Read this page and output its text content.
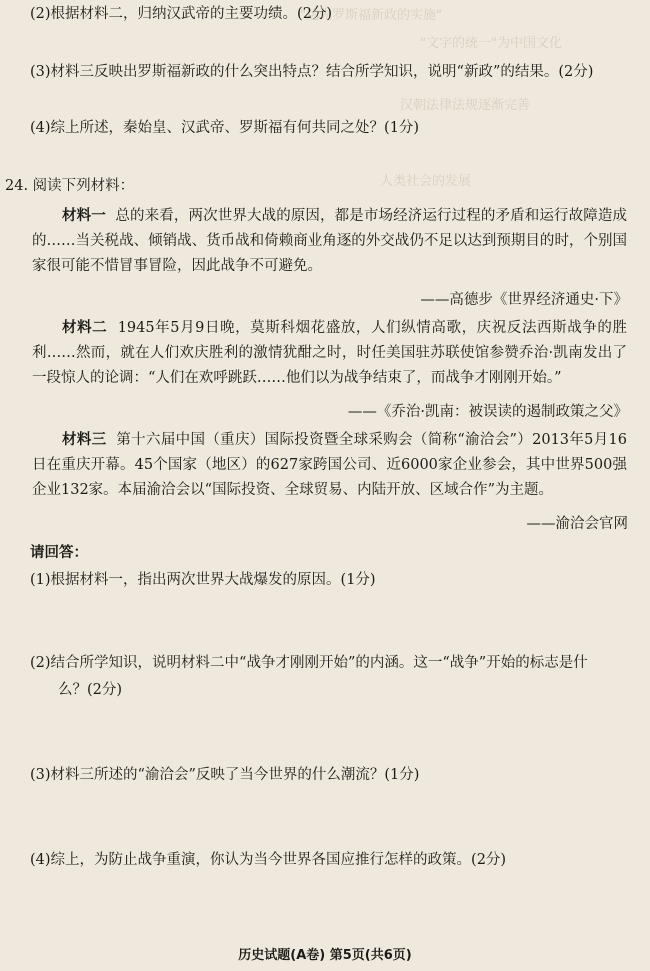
"达先罗斯福新政的实施"
"文字的统一"为中国文化
汉朝法律法规逐渐完善
人类社会的发展
(2)根据材料二，归纳汉武帝的主要功绩。(2分)
(3)材料三反映出罗斯福新政的什么突出特点？结合所学知识，说明“新政”的结果。(2分)
(4)综上所述，秦始皇、汉武帝、罗斯福有何共同之处？(1分)
24. 阅读下列材料：
材料一 总的来看，两次世界大战的原因，都是市场经济运行过程的矛盾和运行故障造成的……当关税战、倾销战、货币战和倚赖商业角逐的外交战仍不足以达到预期目的时，个别国家很可能不惜冒事冒险，因此战争不可避免。
——高德步《世界经济通史·下》
材料二 1945年5月9日晚，莫斯科烟花盛放，人们纵情高歌，庆祝反法西斯战争的胜利……然而，就在人们欢庆胜利的激情犹酣之时，时任美国驻苏联使馆参赞乔治·凯南发出了一段惊人的论调：“人们在欢呼跳跃……他们以为战争结束了，而战争才刚刚开始。”
——《乔治·凯南：被误读的遏制政策之父》
材料三 第十六届中国（重庆）国际投资暨全球采购会（简称“渝洽会”）2013年5月16日在重庆开幕。45个国家（地区）的627家跨国公司、近6000家企业参会，其中世界500强企业132家。本届渝洽会以“国际投资、全球贸易、内陆开放、区域合作”为主题。
——渝洽会官网
请回答：
(1)根据材料一，指出两次世界大战爆发的原因。(1分)
(2)结合所学知识，说明材料二中“战争才刚刚开始”的内涵。这一“战争”开始的标志是什
么？(2分)
(3)材料三所述的“渝洽会”反映了当今世界的什么潮流？(1分)
(4)综上，为防止战争重演，你认为当今世界各国应推行怎样的政策。(2分)
历史试题(A卷) 第5页(共6页)
